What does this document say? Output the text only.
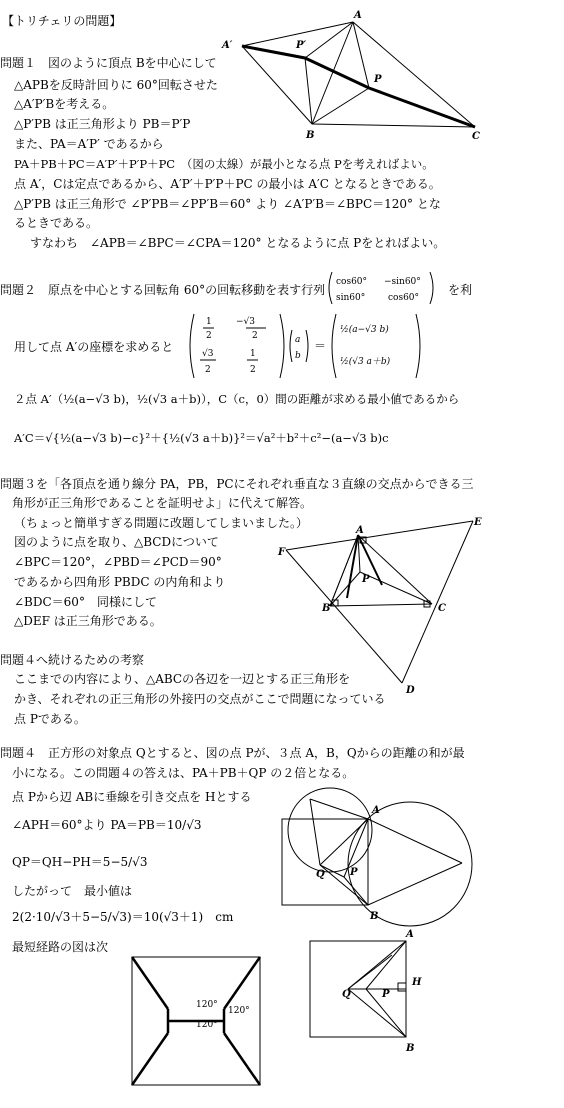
【トリチェリの問題】
問題１　図のように頂点 Bを中心にして
△APBを反時計回りに 60°回転させた
△A′P′Bを考える。
△P′PB は正三角形より PB＝P′P
また、PA＝A′P′ であるから
PA＋PB＋PC＝A′P′＋P′P＋PC　（図の太線）が最小となる点 Pを考えればよい。
点 A′，Cは定点であるから、A′P′＋P′P＋PC の最小は A′C となるときである。
△P′PB は正三角形で ∠P′PB＝∠PP′B＝60° より ∠A′P′B＝∠BPC＝120° とな
るときである。
すなわち　∠APB＝∠BPC＝∠CPA＝120° となるように点 Pをとればよい。
A′	P′
A
P
B	C
問題２　原点を中心とする回転角 60°の回転移動を表す行列
cos60° −sin60°
sin60°	cos60°
を利
用して点 A′の座標を求めると
1
2
−√3
2
√3
2
1
2
a
b
＝
½(a−√3 b)
½(√3 a＋b)
２点 A′（½(a−√3 b)，½(√3 a＋b)），C（c，0）間の距離が求める最小値であるから
A′C＝√{½(a−√3 b)−c}²＋{½(√3 a＋b)}²＝√a²＋b²＋c²−(a−√3 b)c
問題３を「各頂点を通り線分 PA，PB，PCにそれぞれ垂直な３直線の交点からできる三
角形が正三角形であることを証明せよ」に代えて解答。
（ちょっと簡単すぎる問題に改題してしまいました。）
図のように点を取り、△BCDについて
∠BPC＝120°，∠PBD＝∠PCD＝90°
であるから四角形 PBDC の内角和より
∠BDC＝60°　同様にして
△DEF は正三角形である。
F
A
E
P
B	C
D
問題４へ続けるための考察
ここまでの内容により、△ABCの各辺を一辺とする正三角形を
かき、それぞれの正三角形の外接円の交点がここで問題になっている
点 Pである。
問題４　正方形の対象点 Qとすると、図の点 Pが、３点 A，B，Qからの距離の和が最
小になる。この問題４の答えは、PA＋PB＋QP の２倍となる。
点 Pから辺 ABに垂線を引き交点を Hとする
∠APH＝60°より PA＝PB＝10/√3
QP＝QH−PH＝5−5/√3
したがって　最小値は
2(2·10/√3＋5−5/√3)＝10(√3＋1)　cm
最短経路の図は次
A
Q	P
B
120°
120°
120°
A
Q	P
H
B
